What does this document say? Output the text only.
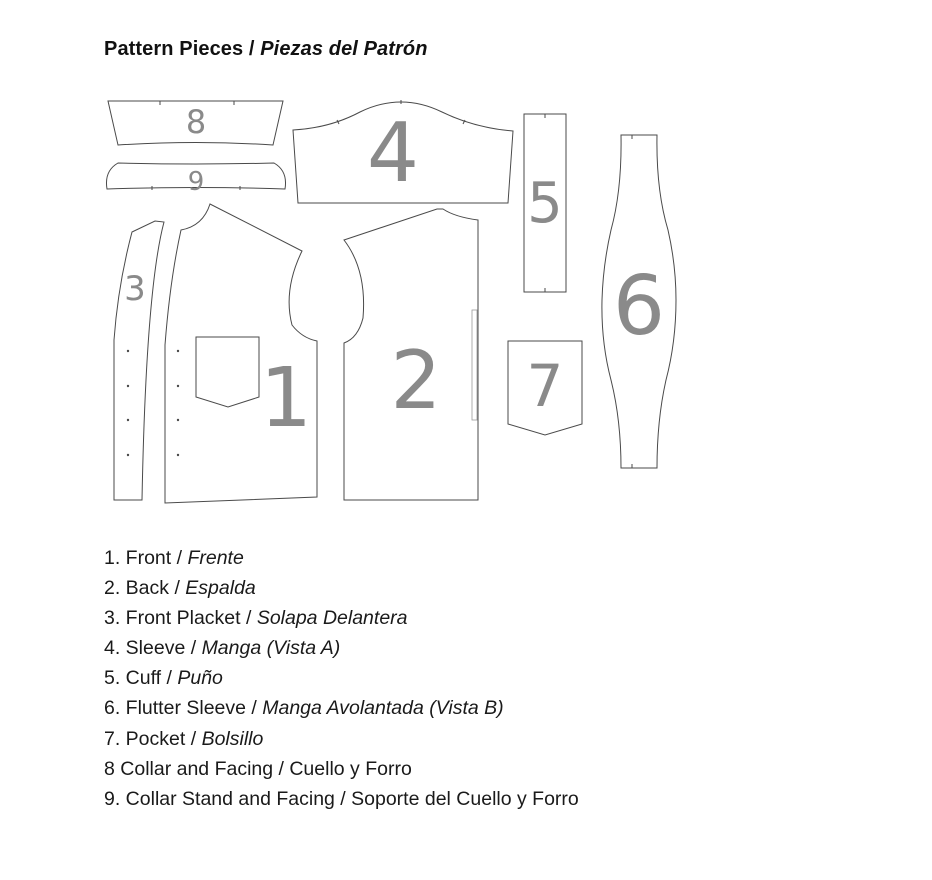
Pattern Pieces / Piezas del Patrón
8
9
3
1 2
4
5
6
7
1. Front / Frente
2. Back / Espalda
3. Front Placket / Solapa Delantera
4. Sleeve / Manga (Vista A)
5. Cuff / Puño
6. Flutter Sleeve / Manga Avolantada (Vista B)
7. Pocket / Bolsillo
8 Collar and Facing / Cuello y Forro
9. Collar Stand and Facing / Soporte del Cuello y Forro
